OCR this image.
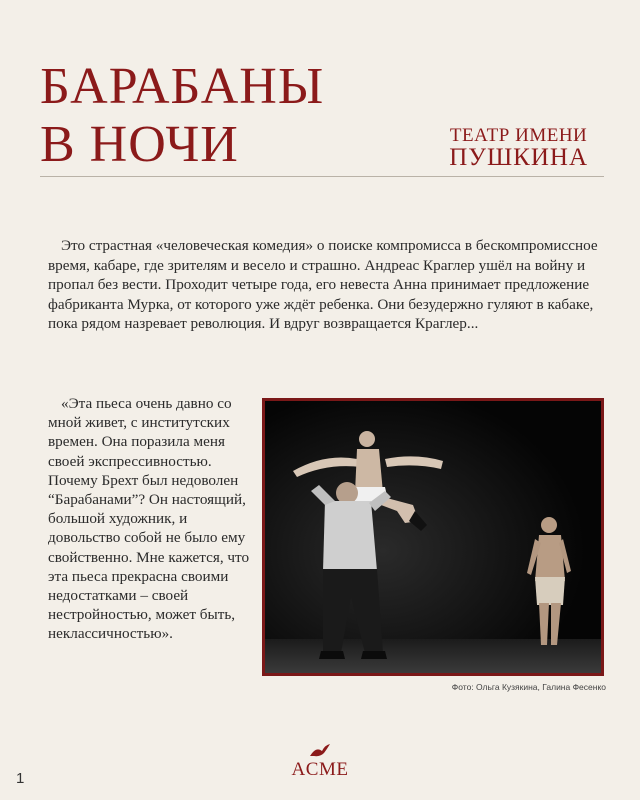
БАРАБАНЫ
В НОЧИ	ТЕАТР ИМЕНИ
ПУШКИНА

Это страстная «человеческая комедия» о поиске компромисса в бескомпромиссное время, кабаре, где зрителям и весело и страшно. Андреас Краглер ушёл на войну и пропал без вести. Проходит четыре года, его невеста Анна принимает предложение фабриканта Мурка, от которого уже ждёт ребенка. Они безудержно гуляют в кабаке, пока рядом назревает революция. И вдруг возвращается Краглер...

«Эта пьеса очень давно со мной живет, с институтских времен. Она поразила меня своей экспрессивностью. Почему Брехт был недоволен “Барабанами”? Он настоящий, большой художник, и довольство собой не было ему свойственно. Мне кажется, что эта пьеса прекрасна своими недостатками – своей нестройностью, может быть, неклассичностью».

Фото: Ольга Кузякина, Галина Фесенко
1	ACME
